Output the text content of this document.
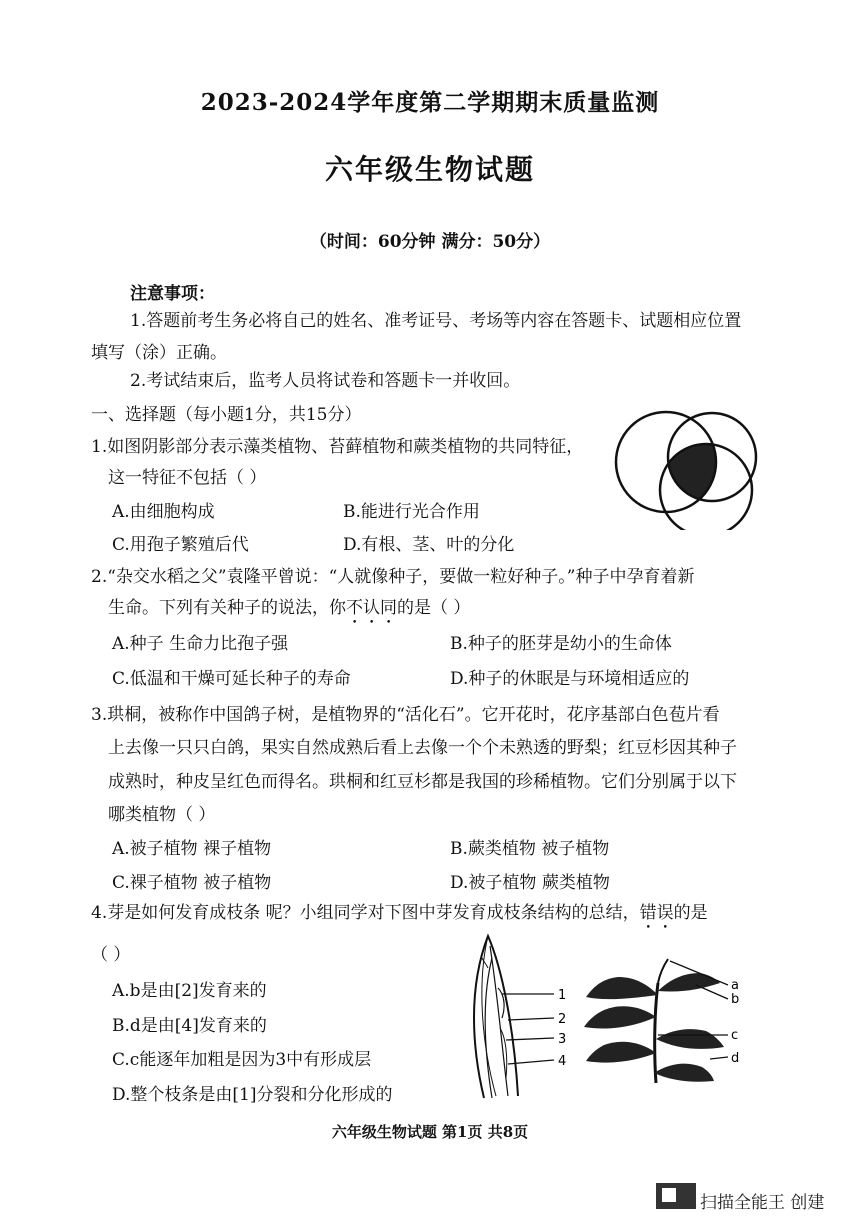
2023-2024学年度第二学期期末质量监测
六年级生物试题
（时间：60分钟 满分：50分）
注意事项：
1.答题前考生务必将自己的姓名、准考证号、考场等内容在答题卡、试题相应位置
填写（涂）正确。
2.考试结束后，监考人员将试卷和答题卡一并收回。
一、选择题（每小题1分，共15分）
1.如图阴影部分表示藻类植物、苔藓植物和蕨类植物的共同特征，
这一特征不包括（ ）
A.由细胞构成	B.能进行光合作用
C.用孢子繁殖后代	D.有根、茎、叶的分化
2.“杂交水稻之父”袁隆平曾说：“人就像种子，要做一粒好种子。”种子中孕育着新
生命。下列有关种子的说法，你不认同的是（ ）
A.种子 生命力比孢子强	B.种子的胚芽是幼小的生命体
C.低温和干燥可延长种子的寿命	D.种子的休眠是与环境相适应的
3.珙桐，被称作中国鸽子树，是植物界的“活化石”。它开花时，花序基部白色苞片看
上去像一只只白鸽，果实自然成熟后看上去像一个个未熟透的野梨；红豆杉因其种子
成熟时，种皮呈红色而得名。珙桐和红豆杉都是我国的珍稀植物。它们分别属于以下
哪类植物（ ）
A.被子植物 裸子植物	B.蕨类植物 被子植物
C.裸子植物 被子植物	D.被子植物 蕨类植物
4.芽是如何发育成枝条 呢？小组同学对下图中芽发育成枝条结构的总结，错误的是
（ ）
A.b是由[2]发育来的
B.d是由[4]发育来的
C.c能逐年加粗是因为3中有形成层
D.整个枝条是由[1]分裂和分化形成的
1
2
3
4
a
b
c
d
六年级生物试题 第1页 共8页
扫描全能王 创建
